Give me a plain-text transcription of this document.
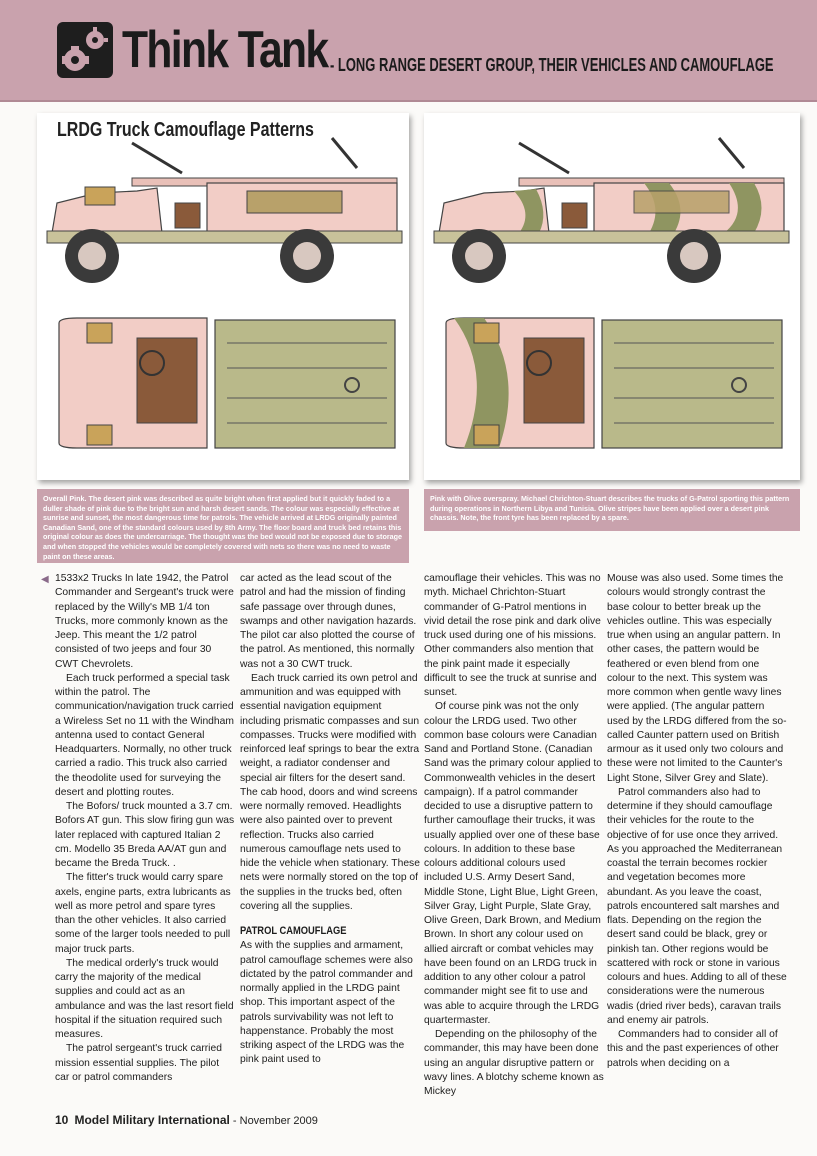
Think Tank - LONG RANGE DESERT GROUP, THEIR VEHICLES AND CAMOUFLAGE
LRDG Truck Camouflage Patterns
Overall Pink. The desert pink was described as quite bright when first applied but it quickly faded to a duller shade of pink due to the bright sun and harsh desert sands. The colour was especially effective at sunrise and sunset, the most dangerous time for patrols. The vehicle arrived at LRDG originally painted Canadian Sand, one of the standard colours used by 8th Army. The floor board and truck bed retains this original colour as does the undercarriage. The thought was the bed would not be exposed due to storage and when stopped the vehicles would be completely covered with nets so there was no need to waste paint on these areas.
Pink with Olive overspray. Michael Chrichton-Stuart describes the trucks of G-Patrol sporting this pattern during operations in Northern Libya and Tunisia. Olive stripes have been applied over a desert pink chassis. Note, the front tyre has been replaced by a spare.
◀ 1533x2 Trucks In late 1942, the Patrol Commander and Sergeant's truck were replaced by the Willy's MB 1/4 ton Trucks, more commonly known as the Jeep. This meant the 1/2 patrol consisted of two jeeps and four 30 CWT Chevrolets.

Each truck performed a special task within the patrol. The communication/navigation truck carried a Wireless Set no 11 with the Windham antenna used to contact General Headquarters. Normally, no other truck carried a radio. This truck also carried the theodolite used for surveying the desert and plotting routes.

The Bofors/ truck mounted a 3.7 cm. Bofors AT gun. This slow firing gun was later replaced with captured Italian 2 cm. Modello 35 Breda AA/AT gun and became the Breda Truck. .

The fitter's truck would carry spare axels, engine parts, extra lubricants as well as more petrol and spare tyres than the other vehicles. It also carried some of the larger tools needed to pull major truck parts.

The medical orderly's truck would carry the majority of the medical supplies and could act as an ambulance and was the last resort field hospital if the situation required such measures.

The patrol sergeant's truck carried mission essential supplies. The pilot car or patrol commanders

car acted as the lead scout of the patrol and had the mission of finding safe passage over through dunes, swamps and other navigation hazards. The pilot car also plotted the course of the patrol. As mentioned, this normally was not a 30 CWT truck.

Each truck carried its own petrol and ammunition and was equipped with essential navigation equipment including prismatic compasses and sun compasses. Trucks were modified with reinforced leaf springs to bear the extra weight, a radiator condenser and special air filters for the desert sand. The cab hood, doors and wind screens were normally removed. Headlights were also painted over to prevent reflection. Trucks also carried numerous camouflage nets used to hide the vehicle when stationary. These nets were normally stored on the top of the supplies in the trucks bed, often covering all the supplies.

PATROL CAMOUFLAGE

As with the supplies and armament, patrol camouflage schemes were also dictated by the patrol commander and normally applied in the LRDG paint shop. This important aspect of the patrols survivability was not left to happenstance. Probably the most striking aspect of the LRDG was the pink paint used to

camouflage their vehicles. This was no myth. Michael Chrichton-Stuart commander of G-Patrol mentions in vivid detail the rose pink and dark olive truck used during one of his missions. Other commanders also mention that the pink paint made it especially difficult to see the truck at sunrise and sunset.

Of course pink was not the only colour the LRDG used. Two other common base colours were Canadian Sand and Portland Stone. (Canadian Sand was the primary colour applied to Commonwealth vehicles in the desert campaign). If a patrol commander decided to use a disruptive pattern to further camouflage their trucks, it was usually applied over one of these base colours. In addition to these base colours additional colours used included U.S. Army Desert Sand, Middle Stone, Light Blue, Light Green, Silver Gray, Light Purple, Slate Gray, Olive Green, Dark Brown, and Medium Brown. In short any colour used on allied aircraft or combat vehicles may have been found on an LRDG truck in addition to any other colour a patrol commander might see fit to use and was able to acquire through the LRDG quartermaster.

Depending on the philosophy of the commander, this may have been done using an angular disruptive pattern or wavy lines. A blotchy scheme known as Mickey

Mouse was also used. Some times the colours would strongly contrast the base colour to better break up the vehicles outline. This was especially true when using an angular pattern. In other cases, the pattern would be feathered or even blend from one colour to the next. This system was more common when gentle wavy lines were applied. (The angular pattern used by the LRDG differed from the so-called Caunter pattern used on British armour as it used only two colours and these were not limited to the Caunter's Light Stone, Silver Grey and Slate).

Patrol commanders also had to determine if they should camouflage their vehicles for the route to the objective of for use once they arrived. As you approached the Mediterranean coastal the terrain becomes rockier and vegetation becomes more abundant. As you leave the coast, patrols encountered salt marshes and flats. Depending on the region the desert sand could be black, grey or pinkish tan. Other regions would be scattered with rock or stone in various colours and hues. Adding to all of these considerations were the numerous wadis (dried river beds), caravan trails and enemy air patrols.

Commanders had to consider all of this and the past experiences of other patrols when deciding on a

10 Model Military International - November 2009
